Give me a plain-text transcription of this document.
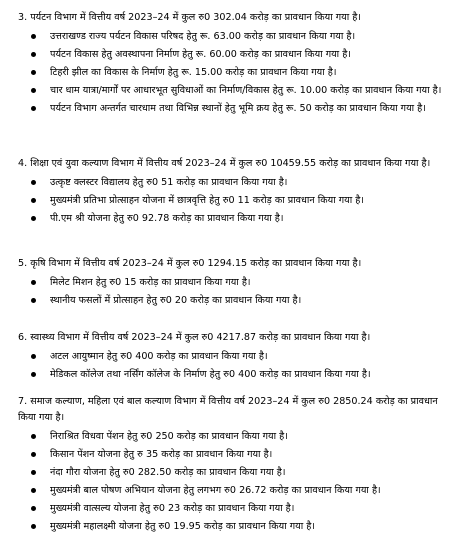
3. पर्यटन विभाग में वित्तीय वर्ष 2023–24 में कुल रु0 302.04 करोड़ का प्रावधान किया गया है।

उत्तराखण्ड राज्य पर्यटन विकास परिषद हेतु रू. 63.00 करोड़ का प्रावधान किया गया है।
पर्यटन विकास हेतु अवस्थापना निर्माण हेतु रू. 60.00 करोड़ का प्रावधान किया गया है।
टिहरी झील का विकास के निर्माण हेतु रू. 15.00 करोड़ का प्रावधान किया गया है।
चार धाम यात्रा/मार्गों पर आधारभूत सुविधाओं का निर्माण/विकास हेतु रू. 10.00 करोड़ का प्रावधान किया गया है।
पर्यटन विभाग अन्तर्गत चारधाम तथा विभिन्न स्थानों हेतु भूमि क्रय हेतु रू. 50 करोड़ का प्रावधान किया गया है।

4. शिक्षा एवं युवा कल्याण विभाग में वित्तीय वर्ष 2023–24 में कुल रु0 10459.55 करोड़ का प्रावधान किया गया है।

उत्कृष्ट क्लस्टर विद्यालय हेतु रु0 51 करोड़ का प्रावधान किया गया है।
मुख्यमंत्री प्रतिभा प्रोत्साहन योजना में छात्रवृत्ति हेतु रु0 11 करोड़ का प्रावधान किया गया है।
पी.एम श्री योजना हेतु रु0 92.78 करोड़ का प्रावधान किया गया है।

5. कृषि विभाग में वित्तीय वर्ष 2023–24 में कुल रु0 1294.15 करोड़ का प्रावधान किया गया है।

मिलेट मिशन हेतु रु0 15 करोड़ का प्रावधान किया गया है।
स्थानीय फसलों में प्रोत्साहन हेतु रु0 20 करोड़ का प्रावधान किया गया है।

6. स्वास्थ्य विभाग में वित्तीय वर्ष 2023–24 में कुल रु0 4217.87 करोड़ का प्रावधान किया गया है।

अटल आयुष्मान हेतु रु0 400 करोड़ का प्रावधान किया गया है।
मेडिकल कॉलेज तथा नर्सिंग कॉलेज के निर्माण हेतु रु0 400 करोड़ का प्रावधान किया गया है।

7. समाज कल्याण, महिला एवं बाल कल्याण विभाग में वित्तीय वर्ष 2023–24 में कुल रु0 2850.24 करोड़ का प्रावधान किया गया है।

निराश्रित विधवा पेंशन हेतु रु0 250 करोड़ का प्रावधान किया गया है।
किसान पेंशन योजना हेतु रु 35 करोड़ का प्रावधान किया गया है।
नंदा गौरा योजना हेतु रु0 282.50 करोड़ का प्रावधान किया गया है।
मुख्यमंत्री बाल पोषण अभियान योजना हेतु लगभग रु0 26.72 करोड़ का प्रावधान किया गया है।
मुख्यमंत्री वात्सल्य योजना हेतु रु0 23 करोड़ का प्रावधान किया गया है।
मुख्यमंत्री महालक्ष्मी योजना हेतु रु0 19.95 करोड़ का प्रावधान किया गया है।
